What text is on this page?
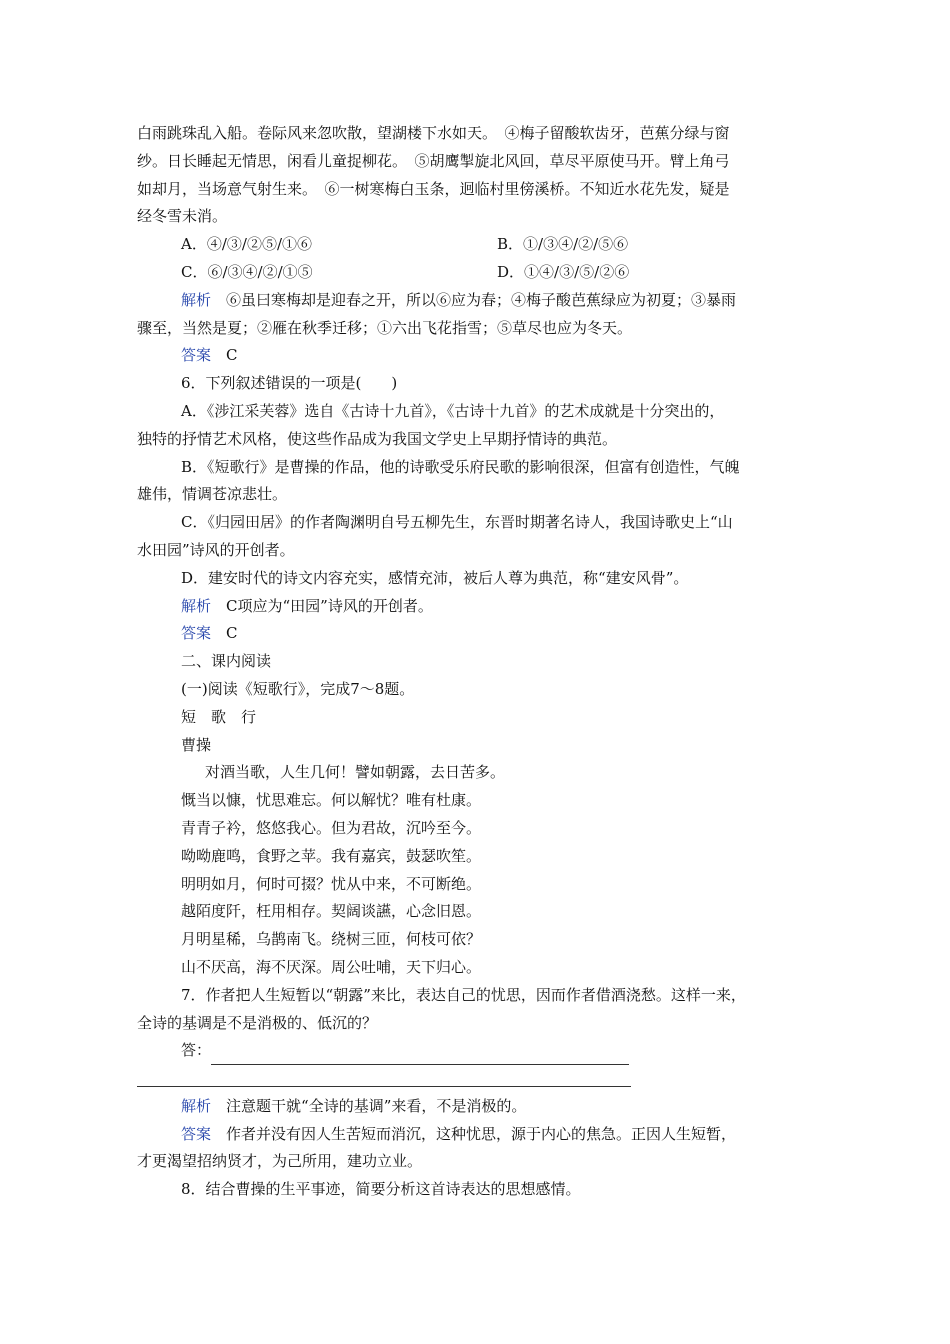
白雨跳珠乱入船。卷际风来忽吹散，望湖楼下水如天。　④梅子留酸软齿牙，芭蕉分绿与窗
纱。日长睡起无情思，闲看儿童捉柳花。　⑤胡鹰掣旋北风回，草尽平原使马开。臂上角弓
如却月，当场意气射生来。　⑥一树寒梅白玉条，迥临村里傍溪桥。不知近水花先发，疑是
经冬雪未消。
A．④/③/②⑤/①⑥	B．①/③④/②/⑤⑥
C．⑥/③④/②/①⑤	D．①④/③/⑤/②⑥
解析　 ⑥虽曰寒梅却是迎春之开，所以⑥应为春；④梅子酸芭蕉绿应为初夏；③暴雨
骤至，当然是夏；②雁在秋季迁移；①六出飞花指雪；⑤草尽也应为冬天。
答案　 C
6．下列叙述错误的一项是(　　)
A．《涉江采芙蓉》选自《古诗十九首》，《古诗十九首》的艺术成就是十分突出的，
独特的抒情艺术风格，使这些作品成为我国文学史上早期抒情诗的典范。
B．《短歌行》是曹操的作品，他的诗歌受乐府民歌的影响很深，但富有创造性，气魄
雄伟，情调苍凉悲壮。
C．《归园田居》的作者陶渊明自号五柳先生，东晋时期著名诗人，我国诗歌史上“山
水田园”诗风的开创者。
D．建安时代的诗文内容充实，感情充沛，被后人尊为典范，称“建安风骨”。
解析　 C项应为“田园”诗风的开创者。
答案　 C
二、课内阅读
(一)阅读《短歌行》，完成7～8题。
短　歌　行
曹操
对酒当歌，人生几何！譬如朝露，去日苦多。
慨当以慷，忧思难忘。何以解忧？唯有杜康。
青青子衿，悠悠我心。但为君故，沉吟至今。
呦呦鹿鸣，食野之苹。我有嘉宾，鼓瑟吹笙。
明明如月，何时可掇？忧从中来，不可断绝。
越陌度阡，枉用相存。契阔谈讌，心念旧恩。
月明星稀，乌鹊南飞。绕树三匝，何枝可依？
山不厌高，海不厌深。周公吐哺，天下归心。
7．作者把人生短暂以“朝露”来比，表达自己的忧思，因而作者借酒浇愁。这样一来，
全诗的基调是不是消极的、低沉的？
答：
解析　 注意题干就“全诗的基调”来看，不是消极的。
答案　 作者并没有因人生苦短而消沉，这种忧思，源于内心的焦急。正因人生短暂，
才更渴望招纳贤才，为己所用，建功立业。
8．结合曹操的生平事迹，简要分析这首诗表达的思想感情。
